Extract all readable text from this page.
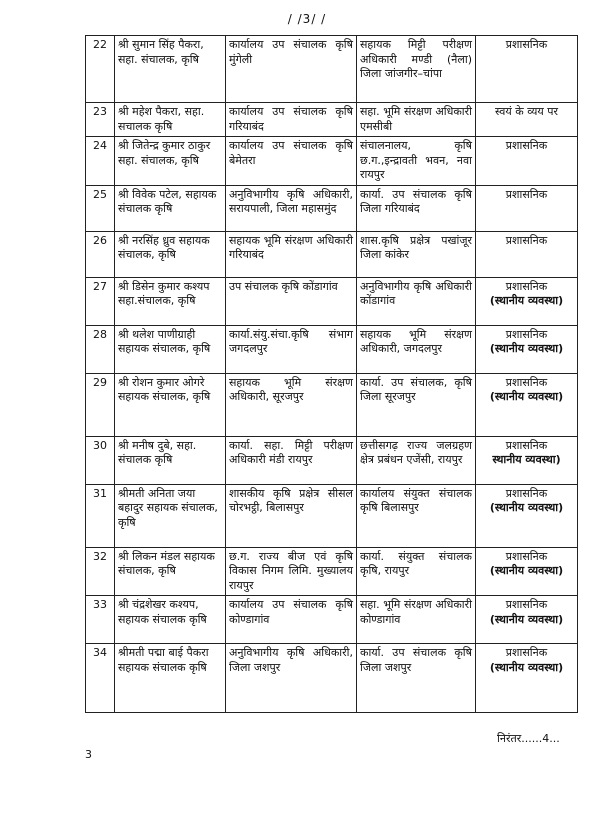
/ /3/ /
22	श्री सुमान सिंह पैकरा, सहा. संचालक, कृषि	कार्यालय उप संचालक कृषि मुंगेली	सहायक मिट्टी परीक्षण अधिकारी मण्डी (नैला) जिला जांजगीर–चांपा	प्रशासनिक

23	श्री महेश पैकरा, सहा. सचालक कृषि	कार्यालय उप संचालक कृषि गरियाबंद	सहा. भूमि संरक्षण अधिकारी एमसीबी	स्वयं के व्यय पर

24	श्री जितेन्द्र कुमार ठाकुर सहा. संचालक, कृषि	कार्यालय उप संचालक कृषि बेमेतरा	संचालनालय, कृषि छ.ग.,इन्द्रावती भवन, नवा रायपुर	प्रशासनिक

25	श्री विवेक पटेल, सहायक संचालक कृषि	अनुविभागीय कृषि अधिकारी, सरायपाली, जिला महासमुंद	कार्या. उप संचालक कृषि जिला गरियाबंद	प्रशासनिक

26	श्री नरसिंह ध्रुव सहायक संचालक, कृषि	सहायक भूमि संरक्षण अधिकारी गरियाबंद	शास.कृषि प्रक्षेत्र पखांजूर जिला कांकेर	प्रशासनिक

27	श्री डिसेन कुमार कश्यप सहा.संचालक, कृषि	उप संचालक कृषि कोंडागांव	अनुविभागीय कृषि अधिकारी कोंडागांव	प्रशासनिक
(स्थानीय व्यवस्था)

28	श्री थलेश पाणीग्राही सहायक संचालक, कृषि	कार्या.संयु.संचा.कृषि संभाग जगदलपुर	सहायक भूमि संरक्षण अधिकारी, जगदलपुर	प्रशासनिक
(स्थानीय व्यवस्था)

29	श्री रोशन कुमार ओगरे सहायक संचालक, कृषि	सहायक भूमि संरक्षण अधिकारी, सूरजपुर	कार्या. उप संचालक, कृषि जिला सूरजपुर	प्रशासनिक
(स्थानीय व्यवस्था)

30	श्री मनीष दुबे, सहा. संचालक कृषि	कार्या. सहा. मिट्टी परीक्षण अधिकारी मंडी रायपुर	छत्तीसगढ़ राज्य जलग्रहण क्षेत्र प्रबंधन एजेंसी, रायपुर	प्रशासनिक
स्थानीय व्यवस्था)

31	श्रीमती अनिता जया बहादुर सहायक संचालक, कृषि	शासकीय कृषि प्रक्षेत्र सीसल चोरभट्ठी, बिलासपुर	कार्यालय संयुक्त संचालक कृषि बिलासपुर	प्रशासनिक
(स्थानीय व्यवस्था)

32	श्री लिकन मंडल सहायक संचालक, कृषि	छ.ग. राज्य बीज एवं कृषि विकास निगम लिमि. मुख्यालय रायपुर	कार्या. संयुक्त संचालक कृषि, रायपुर	प्रशासनिक
(स्थानीय व्यवस्था)

33	श्री चंद्रशेखर कश्यप, सहायक संचालक कृषि	कार्यालय उप संचालक कृषि कोण्डागांव	सहा. भूमि संरक्षण अधिकारी कोण्डागांव	प्रशासनिक
(स्थानीय व्यवस्था)

34	श्रीमती पद्मा बाई पैकरा सहायक संचालक कृषि	अनुविभागीय कृषि अधिकारी, जिला जशपुर	कार्या. उप संचालक कृषि जिला जशपुर	प्रशासनिक
(स्थानीय व्यवस्था)
निरंतर......4...
3
